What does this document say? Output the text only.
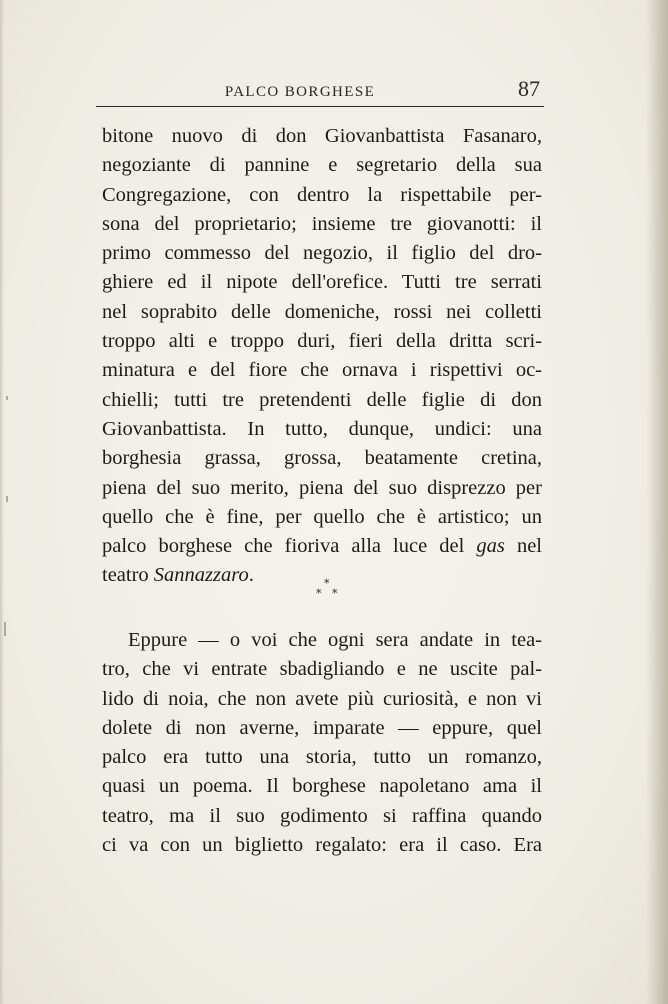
PALCO BORGHESE	87
bitone nuovo di don Giovanbattista Fasanaro,
negoziante di pannine e segretario della sua
Congregazione, con dentro la rispettabile per-
sona del proprietario; insieme tre giovanotti: il
primo commesso del negozio, il figlio del dro-
ghiere ed il nipote dell'orefice. Tutti tre serrati
nel soprabito delle domeniche, rossi nei colletti
troppo alti e troppo duri, fieri della dritta scri-
minatura e del fiore che ornava i rispettivi oc-
chielli; tutti tre pretendenti delle figlie di don
Giovanbattista. In tutto, dunque, undici: una
borghesia grassa, grossa, beatamente cretina,
piena del suo merito, piena del suo disprezzo per
quello che è fine, per quello che è artistico; un
palco borghese che fioriva alla luce del gas nel
teatro Sannazzaro.	*
* *
Eppure — o voi che ogni sera andate in tea-
tro, che vi entrate sbadigliando e ne uscite pal-
lido di noia, che non avete più curiosità, e non vi
dolete di non averne, imparate — eppure, quel
palco era tutto una storia, tutto un romanzo,
quasi un poema. Il borghese napoletano ama il
teatro, ma il suo godimento si raffina quando
ci va con un biglietto regalato: era il caso. Era
